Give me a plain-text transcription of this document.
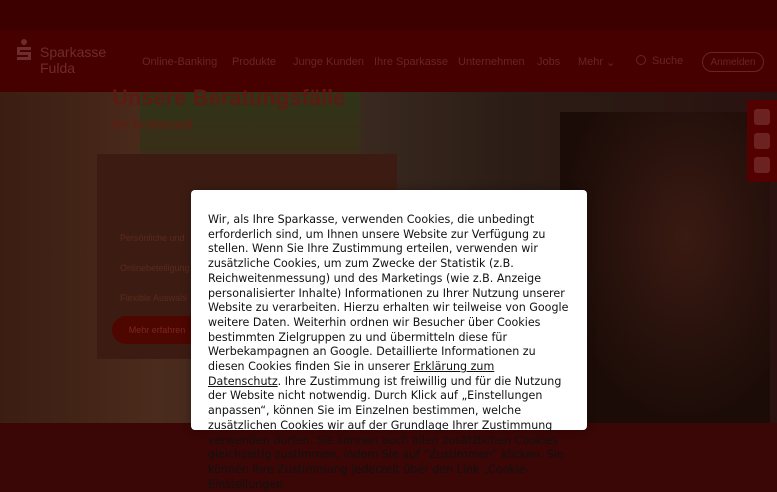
Sparkasse
Fulda	Online-Banking Produkte Junge Kunden Ihre Sparkasse Unternehmen Jobs Mehr ⌄	Suche	Anmelden
Unsere Beratungsfälle
Ihr Schlüssel
Persönliche und
Onlinebeteiligung
Flexible Auswahl
Mehr erfahren
Wir, als Ihre Sparkasse, verwenden Cookies, die unbedingt erforderlich sind, um Ihnen unsere Website zur Verfügung zu stellen. Wenn Sie Ihre Zustimmung erteilen, verwenden wir zusätzliche Cookies, um zum Zwecke der Statistik (z.B. Reichweitenmessung) und des Marketings (wie z.B. Anzeige personalisierter Inhalte) Informationen zu Ihrer Nutzung unserer Website zu verarbeiten. Hierzu erhalten wir teilweise von Google weitere Daten. Weiterhin ordnen wir Besucher über Cookies bestimmten Zielgruppen zu und übermitteln diese für Werbekampagnen an Google. Detaillierte Informationen zu diesen Cookies finden Sie in unserer Erklärung zum Datenschutz. Ihre Zustimmung ist freiwillig und für die Nutzung der Website nicht notwendig. Durch Klick auf „Einstellungen anpassen“, können Sie im Einzelnen bestimmen, welche zusätzlichen Cookies wir auf der Grundlage Ihrer Zustimmung verwenden dürfen. Sie können auch allen zusätzlichen Cookies gleichzeitig zustimmen, indem Sie auf “Zustimmen” klicken. Sie können Ihre Zustimmung jederzeit über den Link „Cookie-Einstellungen
